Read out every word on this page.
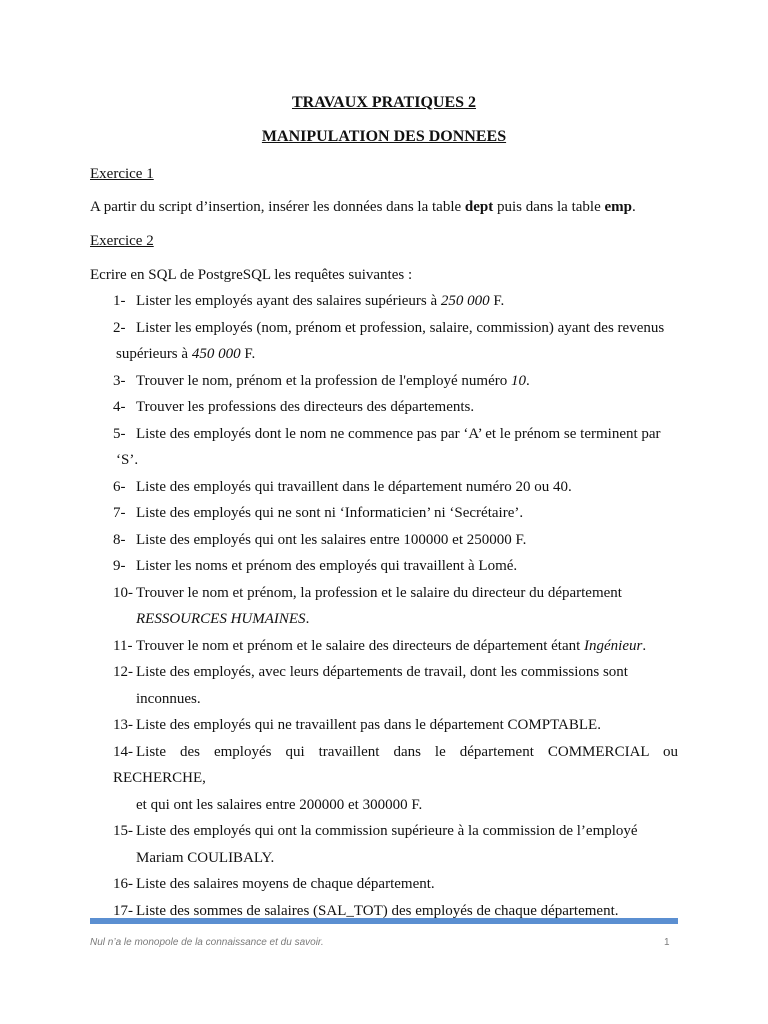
TRAVAUX PRATIQUES 2
MANIPULATION DES DONNEES
Exercice 1
A partir du script d’insertion, insérer les données dans la table dept puis dans la table emp.
Exercice 2
Ecrire en SQL de PostgreSQL les requêtes suivantes :
1- Lister les employés ayant des salaires supérieurs à 250 000 F.
2- Lister les employés (nom, prénom et profession, salaire, commission) ayant des revenus
supérieurs à 450 000 F.
3- Trouver le nom, prénom et la profession de l'employé numéro 10.
4- Trouver les professions des directeurs des départements.
5- Liste des employés dont le nom ne commence pas par ‘A’ et le prénom se terminent par
‘S’.
6- Liste des employés qui travaillent dans le département numéro 20 ou 40.
7- Liste des employés qui ne sont ni ‘Informaticien’ ni ‘Secrétaire’.
8- Liste des employés qui ont les salaires entre 100000 et 250000 F.
9- Lister les noms et prénom des employés qui travaillent à Lomé.
10- Trouver le nom et prénom, la profession et le salaire du directeur du département
RESSOURCES HUMAINES.
11- Trouver le nom et prénom et le salaire des directeurs de département étant Ingénieur.
12- Liste des employés, avec leurs départements de travail, dont les commissions sont
inconnues.
13- Liste des employés qui ne travaillent pas dans le département COMPTABLE.
14- Liste des employés qui travaillent dans le département COMMERCIAL ou RECHERCHE,
et qui ont les salaires entre 200000 et 300000 F.
15- Liste des employés qui ont la commission supérieure à la commission de l’employé
Mariam COULIBALY.
16- Liste des salaires moyens de chaque département.
17- Liste des sommes de salaires (SAL_TOT) des employés de chaque département.
Nul n’a le monopole de la connaissance et du savoir.	1
